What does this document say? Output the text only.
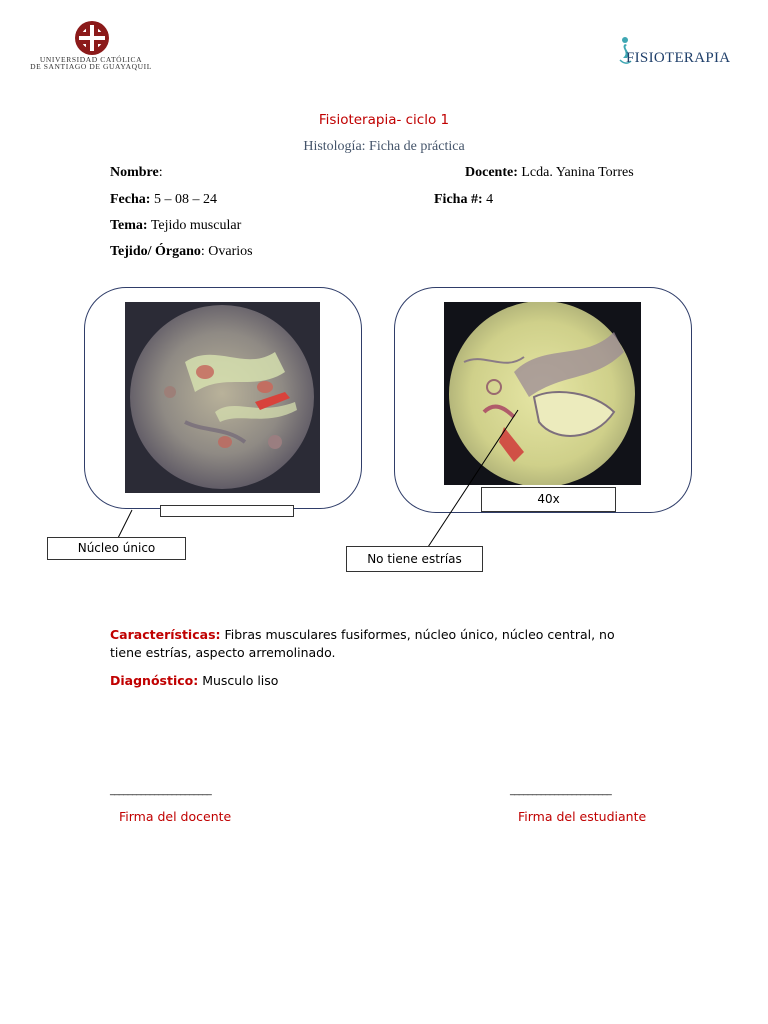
UNIVERSIDAD CATÓLICA
DE SANTIAGO DE GUAYAQUIL
FISIOTERAPIA
Fisioterapia- ciclo 1
Histología: Ficha de práctica
Nombre:	Docente: Lcda. Yanina Torres
Fecha: 5 – 08 – 24	Ficha #: 4
Tema: Tejido muscular
Tejido/ Órgano: Ovarios
40x
Núcleo único
No tiene estrías
Características: Fibras musculares fusiformes, núcleo único, núcleo central, no tiene estrías, aspecto arremolinado.
Diagnóstico: Musculo liso
_______________________
Firma del docente
_______________________
Firma del estudiante
